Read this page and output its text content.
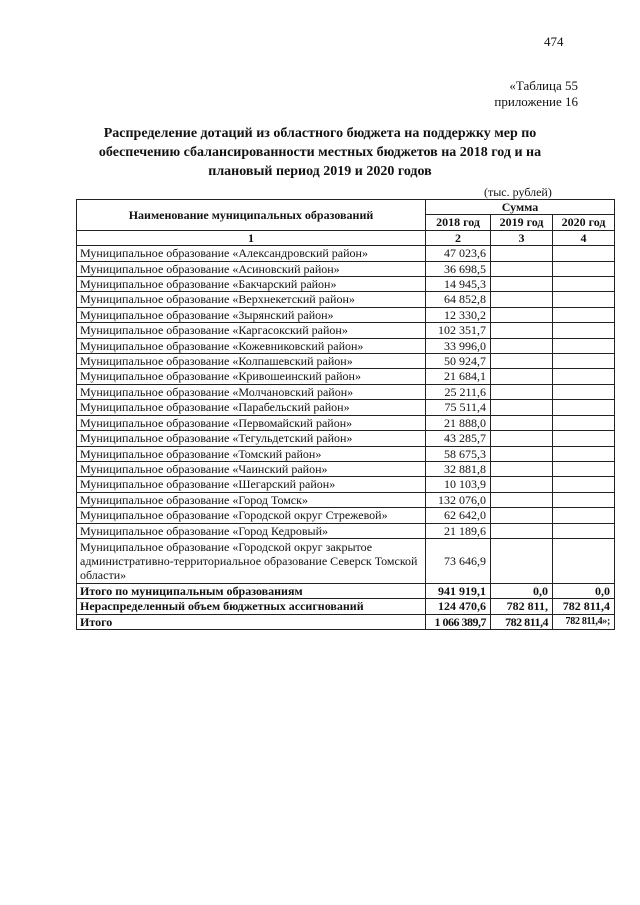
474
«Таблица 55
приложение 16
Распределение дотаций из областного бюджета на поддержку мер по
обеспечению сбалансированности местных бюджетов на 2018 год и на
плановый период 2019 и 2020 годов
(тыс. рублей)
Наименование муниципальных образований	Сумма		
	2018 год	2019 год	2020 год
1	2	3	4
Муниципальное образование «Александровский район»	47 023,6		
Муниципальное образование «Асиновский район»	36 698,5		
Муниципальное образование «Бакчарский район»	14 945,3		
Муниципальное образование «Верхнекетский район»	64 852,8		
Муниципальное образование «Зырянский район»	12 330,2		
Муниципальное образование «Каргасокский район»	102 351,7		
Муниципальное образование «Кожевниковский район»	33 996,0		
Муниципальное образование «Колпашевский район»	50 924,7		
Муниципальное образование «Кривошеинский район»	21 684,1		
Муниципальное образование «Молчановский район»	25 211,6		
Муниципальное образование «Парабельский район»	75 511,4		
Муниципальное образование «Первомайский район»	21 888,0		
Муниципальное образование «Тегульдетский район»	43 285,7		
Муниципальное образование «Томский район»	58 675,3		
Муниципальное образование «Чаинский район»	32 881,8		
Муниципальное образование «Шегарский район»	10 103,9		
Муниципальное образование «Город Томск»	132 076,0		
Муниципальное образование «Городской округ Стрежевой»	62 642,0		
Муниципальное образование «Город Кедровый»	21 189,6		
Муниципальное образование «Городской округ закрытое административно-территориальное образование Северск Томской области»	73 646,9		
Итого по муниципальным образованиям	941 919,1	0,0	0,0
Нераспределенный объем бюджетных ассигнований	124 470,6	782 811,	782 811,4
Итого	1 066 389,7	782 811,4	782 811,4»;
